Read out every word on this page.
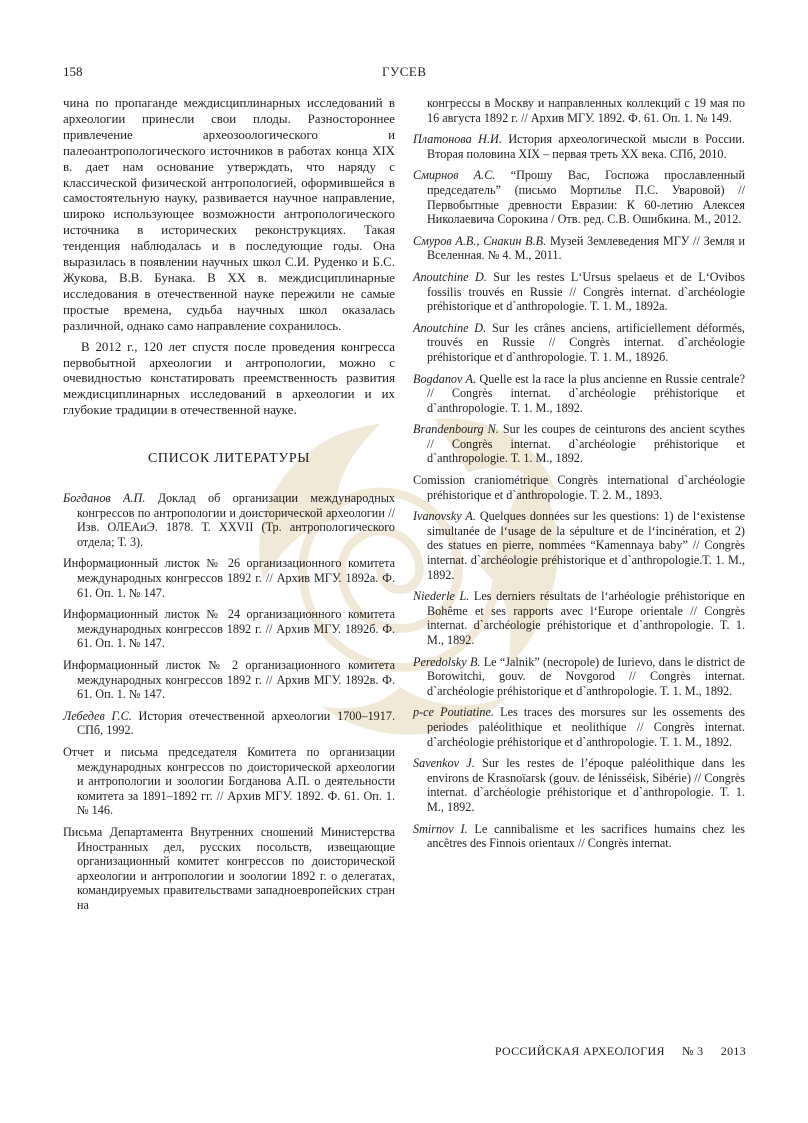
158	ГУСЕВ

чина по пропаганде междисциплинарных исследований в археологии принесли свои плоды. Разностороннее привлечение археозоологического и палеоантропологического источников в работах конца XIX в. дает нам основание утверждать, что наряду с классической физической антропологией, оформившейся в самостоятельную науку, развивается научное направление, широко использующее возможности антропологического источника в исторических реконструкциях. Такая тенденция наблюдалась и в последующие годы. Она выразилась в появлении научных школ С.И. Руденко и Б.С. Жукова, В.В. Бунака. В XX в. междисциплинарные исследования в отечественной науке пережили не самые простые времена, судьба научных школ оказалась различной, однако само направление сохранилось.

В 2012 г., 120 лет спустя после проведения конгресса первобытной археологии и антропологии, можно с очевидностью констатировать преемственность развития междисциплинарных исследований в археологии и их глубокие традиции в отечественной науке.

СПИСОК ЛИТЕРАТУРЫ

Богданов А.П. Доклад об организации международных конгрессов по антропологии и доисторической археологии // Изв. ОЛЕАиЭ. 1878. Т. XXVII (Тр. антропологического отдела; Т. 3).

Информационный листок № 26 организационного комитета международных конгрессов 1892 г. // Архив МГУ. 1892а. Ф. 61. Оп. 1. № 147.

Информационный листок № 24 организационного комитета международных конгрессов 1892 г. // Архив МГУ. 1892б. Ф. 61. Оп. 1. № 147.

Информационный листок № 2 организационного комитета международных конгрессов 1892 г. // Архив МГУ. 1892в. Ф. 61. Оп. 1. № 147.

Лебедев Г.С. История отечественной археологии 1700–1917. СПб, 1992.

Отчет и письма председателя Комитета по организации международных конгрессов по доисторической археологии и антропологии и зоологии Богданова А.П. о деятельности комитета за 1891–1892 гг. // Архив МГУ. 1892. Ф. 61. Оп. 1. № 146.

Письма Департамента Внутренних сношений Министерства Иностранных дел, русских посольств, извещающие организационный комитет конгрессов по доисторической археологии и антропологии и зоологии 1892 г. о делегатах, командируемых правительствами западноевропейских стран на

конгрессы в Москву и направленных коллекций с 19 мая по 16 августа 1892 г. // Архив МГУ. 1892. Ф. 61. Оп. 1. № 149.

Платонова Н.И. История археологической мысли в России. Вторая половина XIX – первая треть XX века. СПб, 2010.

Смирнов А.С. “Прошу Вас, Госпожа прославленный председатель” (письмо Мортилье П.С. Уваровой) // Первобытные древности Евразии: К 60-летию Алексея Николаевича Сорокина / Отв. ред. С.В. Ошибкина. М., 2012.

Смуров А.В., Снакин В.В. Музей Землеведения МГУ // Земля и Вселенная. № 4. М., 2011.

Anoutchine D. Sur les restes L‘Ursus spelaeus et de L‘Ovibos fossilis trouvés en Russie // Congrès internat. d`archéologie préhistorique et d`anthropologie. T. 1. M., 1892a.

Anoutchine D. Sur les crânes anciens, artificiellement déformés, trouvés en Russie // Congrès internat. d`archéologie préhistorique et d`anthropologie. T. 1. M., 1892б.

Bogdanov A. Quelle est la race la plus ancienne en Russie centrale? // Congrès internat. d`archéologie préhistorique et d`anthropologie. T. 1. M., 1892.

Brandenbourg N. Sur les coupes de ceinturons des ancient scythes // Congrès internat. d`archéologie préhistorique et d`anthropologie. T. 1. M., 1892.

Comission craniométrique Congrès international d`archéologie préhistorique et d`anthropologie. T. 2. M., 1893.

Ivanovsky A. Quelques données sur les questions: 1) de l‘existense simultanée de l‘usage de la sépulture et de l‘incinération, et 2) des statues en pierre, nommées “Kamennaya baby” // Congrès internat. d`archéologie préhistorique et d`anthropologie.T. 1. M., 1892.

Niederle L. Les derniers résultats de l‘arhéologie préhistorique en Bohême et ses rapports avec l‘Europe orientale // Congrès internat. d`archéologie préhistorique et d`anthropologie. T. 1. M., 1892.

Peredolsky B. Le “Jalnik” (necropole) de Iurievo, dans le district de Borowitchi, gouv. de Novgorod // Congrès internat. d`archéologie préhistorique et d`anthropologie. T. 1. M., 1892.

p-ce Poutiatine. Les traces des morsures sur les ossements des periodes paléolithique et neolithique // Congrès internat. d`archéologie préhistorique et d`anthropologie. T. 1. M., 1892.

Savenkov J. Sur les restes de l’époque paléolithique dans les environs de Krasnoïarsk (gouv. de Iénisséisk, Sibérie) // Congrès internat. d`archéologie préhistorique et d`anthropologie. T. 1. M., 1892.

Smirnov I. Le cannibalisme et les sacrifices humains chez les ancêtres des Finnois orientaux // Congrès internat.

РОССИЙСКАЯ АРХЕОЛОГИЯ № 3 2013
